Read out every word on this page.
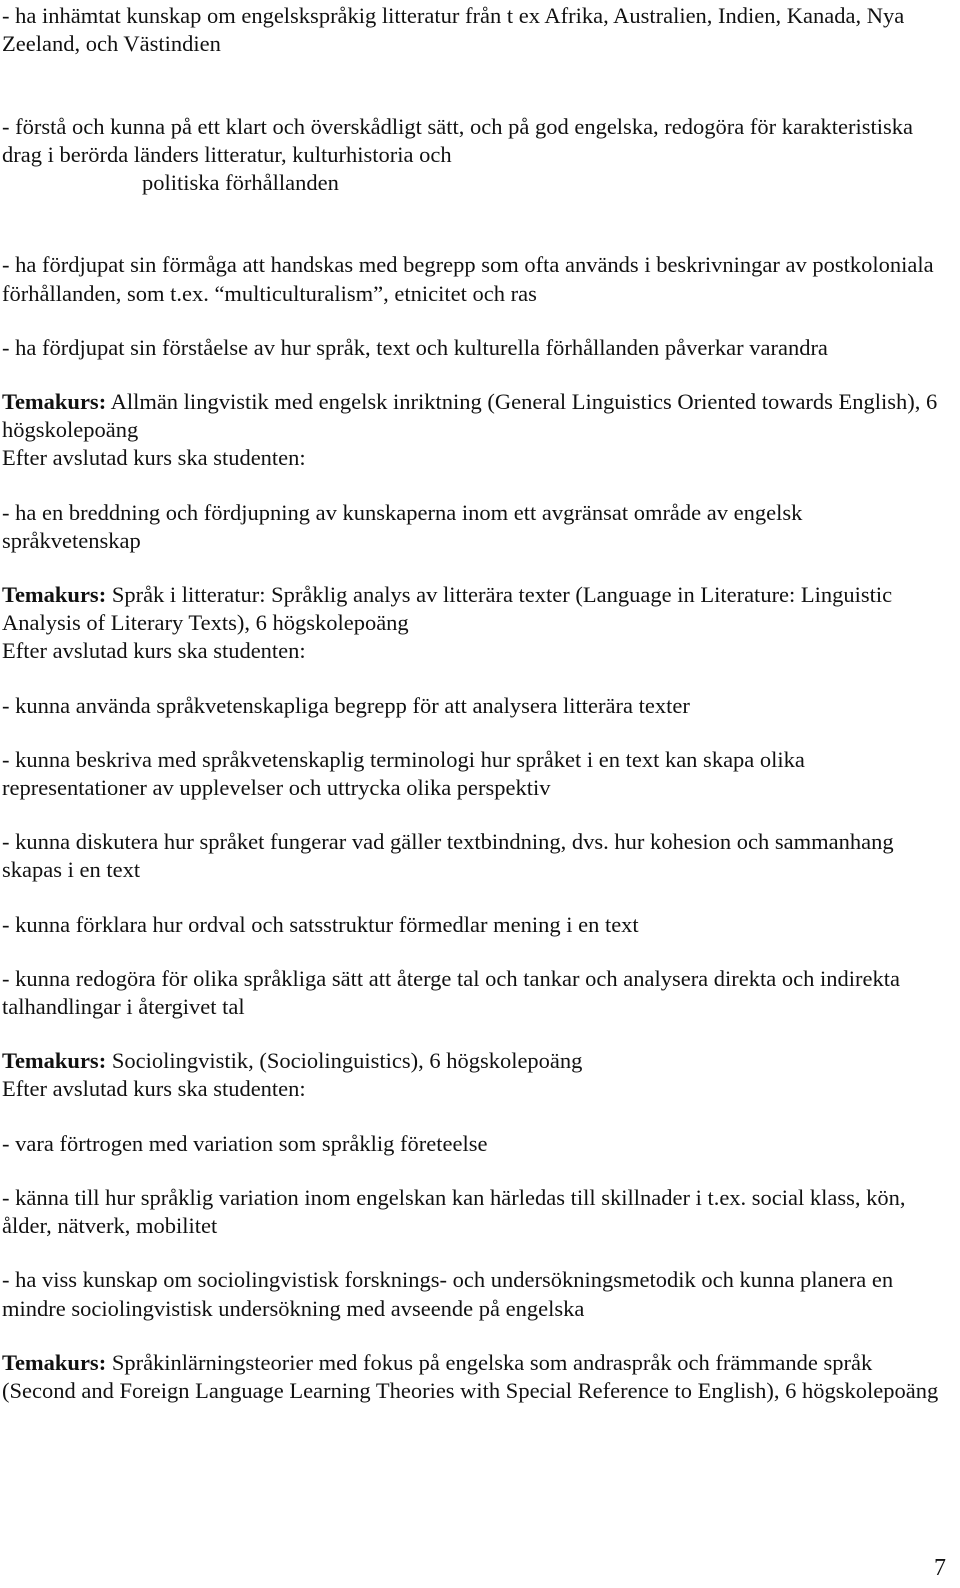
- ha inhämtat kunskap om engelskspråkig litteratur från t ex Afrika, Australien, Indien, Kanada, Nya Zeeland, och Västindien

- förstå och kunna på ett klart och överskådligt sätt, och på god engelska, redogöra för karakteristiska drag i berörda länders litteratur, kulturhistoria och
politiska förhållanden

- ha fördjupat sin förmåga att handskas med begrepp som ofta används i beskrivningar av postkoloniala förhållanden, som t.ex. “multiculturalism”, etnicitet och ras

- ha fördjupat sin förståelse av hur språk, text och kulturella förhållanden påverkar varandra

Temakurs: Allmän lingvistik med engelsk inriktning (General Linguistics Oriented towards English), 6 högskolepoäng

Efter avslutad kurs ska studenten:

- ha en breddning och fördjupning av kunskaperna inom ett avgränsat område av engelsk språkvetenskap

Temakurs: Språk i litteratur: Språklig analys av litterära texter (Language in Literature: Linguistic Analysis of Literary Texts), 6 högskolepoäng

Efter avslutad kurs ska studenten:

- kunna använda språkvetenskapliga begrepp för att analysera litterära texter

- kunna beskriva med språkvetenskaplig terminologi hur språket i en text kan skapa olika representationer av upplevelser och uttrycka olika perspektiv

- kunna diskutera hur språket fungerar vad gäller textbindning, dvs. hur kohesion och sammanhang skapas i en text

- kunna förklara hur ordval och satsstruktur förmedlar mening i en text

- kunna redogöra för olika språkliga sätt att återge tal och tankar och analysera direkta och indirekta talhandlingar i återgivet tal

Temakurs: Sociolingvistik, (Sociolinguistics), 6 högskolepoäng

Efter avslutad kurs ska studenten:

- vara förtrogen med variation som språklig företeelse

- känna till hur språklig variation inom engelskan kan härledas till skillnader i t.ex. social klass, kön, ålder, nätverk, mobilitet

- ha viss kunskap om sociolingvistisk forsknings- och undersökningsmetodik och kunna planera en mindre sociolingvistisk undersökning med avseende på engelska

Temakurs: Språkinlärningsteorier med fokus på engelska som andraspråk och främmande språk (Second and Foreign Language Learning Theories with Special Reference to English), 6 högskolepoäng

7
